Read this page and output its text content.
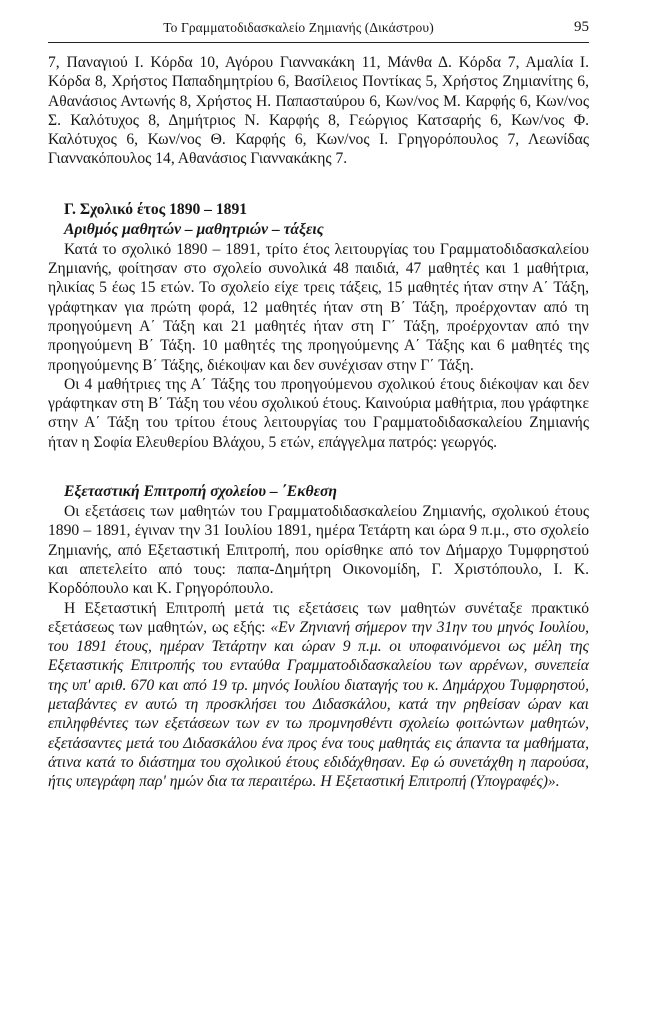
Το Γραμματοδιδασκαλείο Ζημιανής (Δικάστρου)	95

7, Παναγιού Ι. Κόρδα 10, Αγόρου Γιαννακάκη 11, Μάνθα Δ. Κόρδα 7, Αμαλία Ι. Κόρδα 8, Χρήστος Παπαδημητρίου 6, Βασίλειος Ποντίκας 5, Χρήστος Ζημιανίτης 6, Αθανάσιος Αντωνής 8, Χρήστος Η. Παπασταύρου 6, Κων/νος Μ. Καρφής 6, Κων/νος Σ. Καλότυχος 8, Δημήτριος Ν. Καρφής 8, Γεώργιος Κατσαρής 6, Κων/νος Φ. Καλότυχος 6, Κων/νος Θ. Καρφής 6, Κων/νος Ι. Γρηγορόπουλος 7, Λεωνίδας Γιαννακόπουλος 14, Αθανάσιος Γιαννακάκης 7.

Γ. Σχολικό έτος 1890 – 1891
Αριθμός μαθητών – μαθητριών – τάξεις

Κατά το σχολικό 1890 – 1891, τρίτο έτος λειτουργίας του Γραμματοδιδασκαλείου Ζημιανής, φοίτησαν στο σχολείο συνολικά 48 παιδιά, 47 μαθητές και 1 μαθήτρια, ηλικίας 5 έως 15 ετών. Το σχολείο είχε τρεις τάξεις, 15 μαθητές ήταν στην Α΄ Τάξη, γράφτηκαν για πρώτη φορά, 12 μαθητές ήταν στη Β΄ Τάξη, προέρχονταν από τη προηγούμενη Α΄ Τάξη και 21 μαθητές ήταν στη Γ΄ Τάξη, προέρχονταν από την προηγούμενη Β΄ Τάξη. 10 μαθητές της προηγούμενης Α΄ Τάξης και 6 μαθητές της προηγούμενης Β΄ Τάξης, διέκοψαν και δεν συνέχισαν στην Γ΄ Τάξη.

Οι 4 μαθήτριες της Α΄ Τάξης του προηγούμενου σχολικού έτους διέκοψαν και δεν γράφτηκαν στη Β΄ Τάξη του νέου σχολικού έτους. Καινούρια μαθήτρια, που γράφτηκε στην Α΄ Τάξη του τρίτου έτους λειτουργίας του Γραμματοδιδασκαλείου Ζημιανής ήταν η Σοφία Ελευθερίου Βλάχου, 5 ετών, επάγγελμα πατρός: γεωργός.

Εξεταστική Επιτροπή σχολείου – ΄Εκθεση

Οι εξετάσεις των μαθητών του Γραμματοδιδασκαλείου Ζημιανής, σχολικού έτους 1890 – 1891, έγιναν την 31 Ιουλίου 1891, ημέρα Τετάρτη και ώρα 9 π.μ., στο σχολείο Ζημιανής, από Εξεταστική Επιτροπή, που ορίσθηκε από τον Δήμαρχο Τυμφρηστού και απετελείτο από τους: παπα-Δημήτρη Οικονομίδη, Γ. Χριστόπουλο, Ι. Κ. Κορδόπουλο και Κ. Γρηγορόπουλο.

Η Εξεταστική Επιτροπή μετά τις εξετάσεις των μαθητών συνέταξε πρακτικό εξετάσεως των μαθητών, ως εξής: «Εν Ζηνιανή σήμερον την 31ην του μηνός Ιουλίου, του 1891 έτους, ημέραν Τετάρτην και ώραν 9 π.μ. οι υποφαινόμενοι ως μέλη της Εξεταστικής Επιτροπής του ενταύθα Γραμματοδιδασκαλείου των αρρένων, συνεπεία της υπ' αριθ. 670 και από 19 τρ. μηνός Ιουλίου διαταγής του κ. Δημάρχου Τυμφρηστού, μεταβάντες εν αυτώ τη προσκλήσει του Διδασκάλου, κατά την ρηθείσαν ώραν και επιληφθέντες των εξετάσεων των εν τω προμνησθέντι σχολείω φοιτώντων μαθητών, εξετάσαντες μετά του Διδασκάλου ένα προς ένα τους μαθητάς εις άπαντα τα μαθήματα, άτινα κατά το διάστημα του σχολικού έτους εδιδάχθησαν. Εφ ώ συνετάχθη η παρούσα, ήτις υπεγράφη παρ' ημών δια τα περαιτέρω. Η Εξεταστική Επιτροπή (Υπογραφές)».
